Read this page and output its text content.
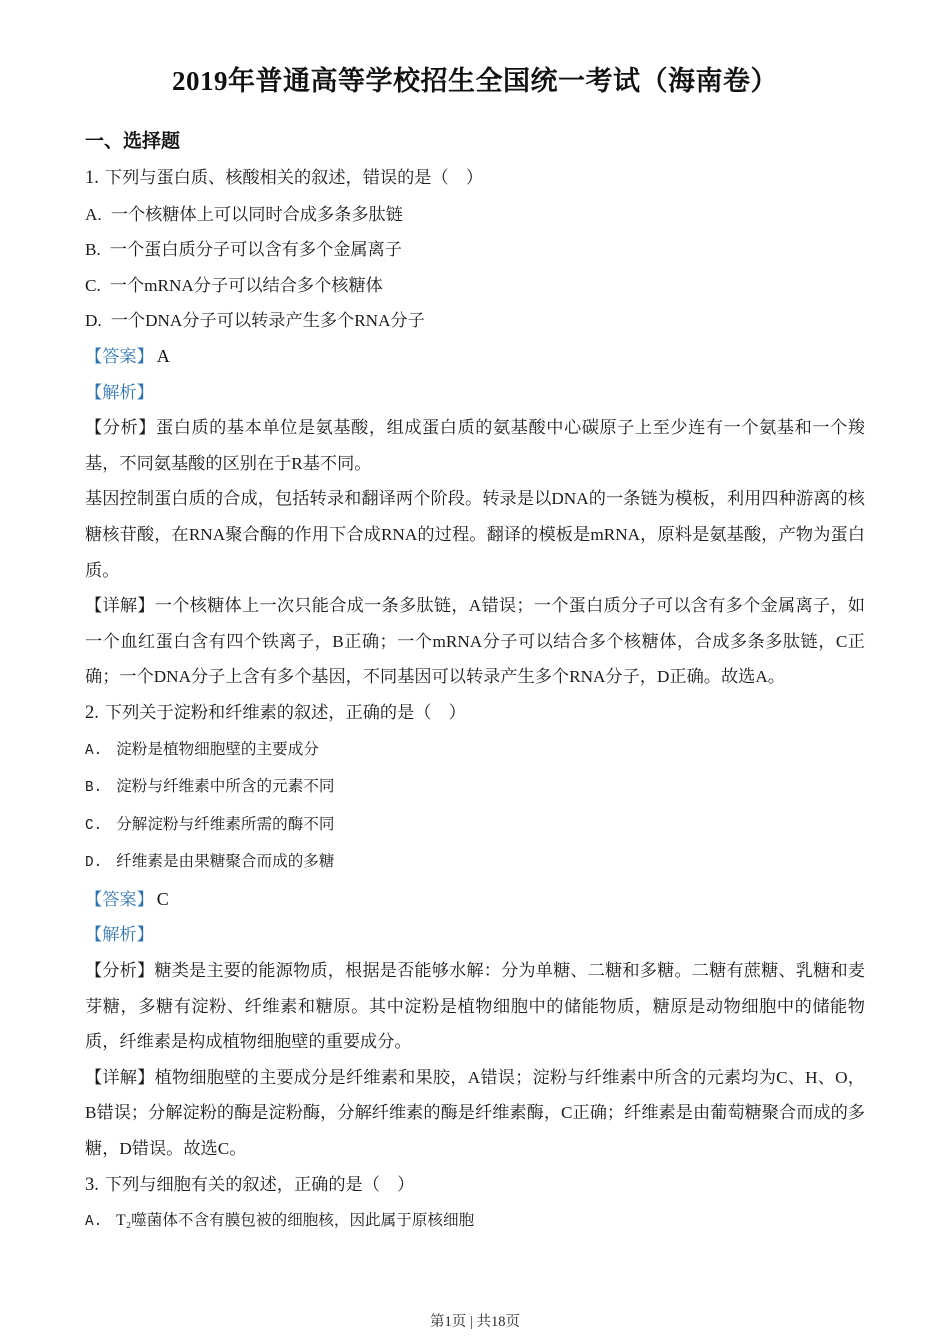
2019年普通高等学校招生全国统一考试（海南卷）
一、选择题

1. 下列与蛋白质、核酸相关的叙述，错误的是（　）

A. 一个核糖体上可以同时合成多条多肽链

B. 一个蛋白质分子可以含有多个金属离子

C. 一个mRNA分子可以结合多个核糖体

D. 一个DNA分子可以转录产生多个RNA分子

【答案】 A

【解析】

【分析】蛋白质的基本单位是氨基酸，组成蛋白质的氨基酸中心碳原子上至少连有一个氨基和一个羧基，不同氨基酸的区别在于R基不同。

基因控制蛋白质的合成，包括转录和翻译两个阶段。转录是以DNA的一条链为模板，利用四种游离的核糖核苷酸，在RNA聚合酶的作用下合成RNA的过程。翻译的模板是mRNA，原料是氨基酸，产物为蛋白质。

【详解】一个核糖体上一次只能合成一条多肽链，A错误；一个蛋白质分子可以含有多个金属离子，如一个血红蛋白含有四个铁离子，B正确；一个mRNA分子可以结合多个核糖体，合成多条多肽链，C正确；一个DNA分子上含有多个基因，不同基因可以转录产生多个RNA分子，D正确。故选A。

2. 下列关于淀粉和纤维素的叙述，正确的是（　）

A. 淀粉是植物细胞壁的主要成分

B. 淀粉与纤维素中所含的元素不同

C. 分解淀粉与纤维素所需的酶不同

D. 纤维素是由果糖聚合而成的多糖

【答案】 C

【解析】

【分析】糖类是主要的能源物质，根据是否能够水解：分为单糖、二糖和多糖。二糖有蔗糖、乳糖和麦芽糖，多糖有淀粉、纤维素和糖原。其中淀粉是植物细胞中的储能物质，糖原是动物细胞中的储能物质，纤维素是构成植物细胞壁的重要成分。

【详解】植物细胞壁的主要成分是纤维素和果胶，A错误；淀粉与纤维素中所含的元素均为C、H、O，B错误；分解淀粉的酶是淀粉酶，分解纤维素的酶是纤维素酶，C正确；纤维素是由葡萄糖聚合而成的多糖，D错误。故选C。

3. 下列与细胞有关的叙述，正确的是（　）

A. T₂噬菌体不含有膜包被的细胞核，因此属于原核细胞

第1页 | 共18页
